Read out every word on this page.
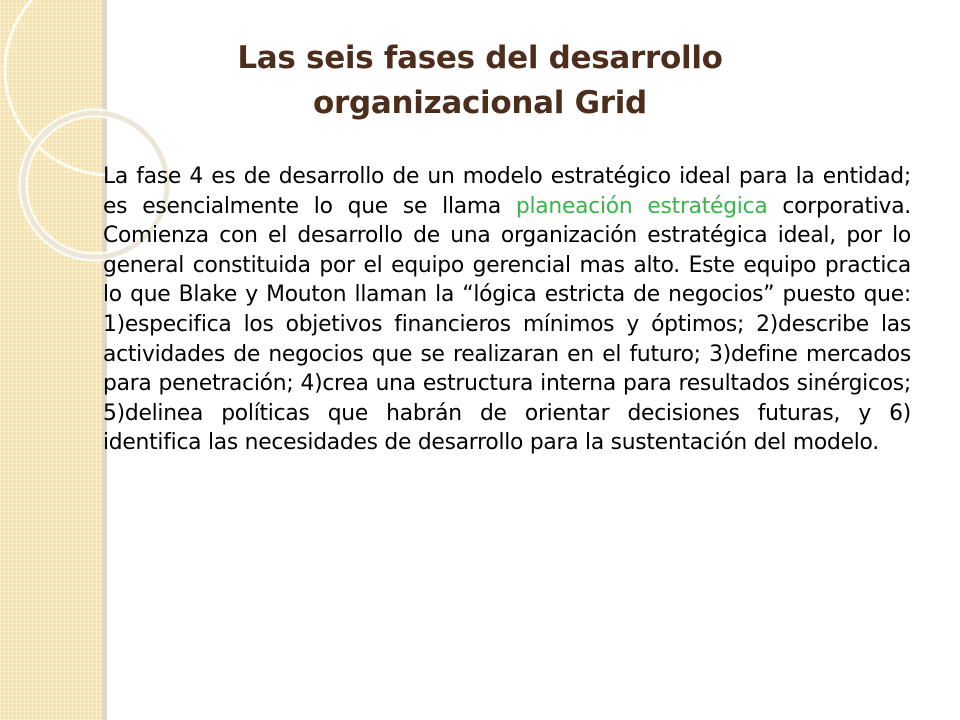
Las seis fases del desarrollo
organizacional Grid

La fase 4 es de desarrollo de un modelo estratégico ideal para la entidad; es esencialmente lo que se llama planeación estratégica corporativa. Comienza con el desarrollo de una organización estratégica ideal, por lo general constituida por el equipo gerencial mas alto. Este equipo practica lo que Blake y Mouton llaman la “lógica estricta de negocios” puesto que: 1)especifica los objetivos financieros mínimos y óptimos; 2)describe las actividades de negocios que se realizaran en el futuro; 3)define mercados para penetración; 4)crea una estructura interna para resultados sinérgicos; 5)delinea políticas que habrán de orientar decisiones futuras, y 6) identifica las necesidades de desarrollo para la sustentación del modelo.
